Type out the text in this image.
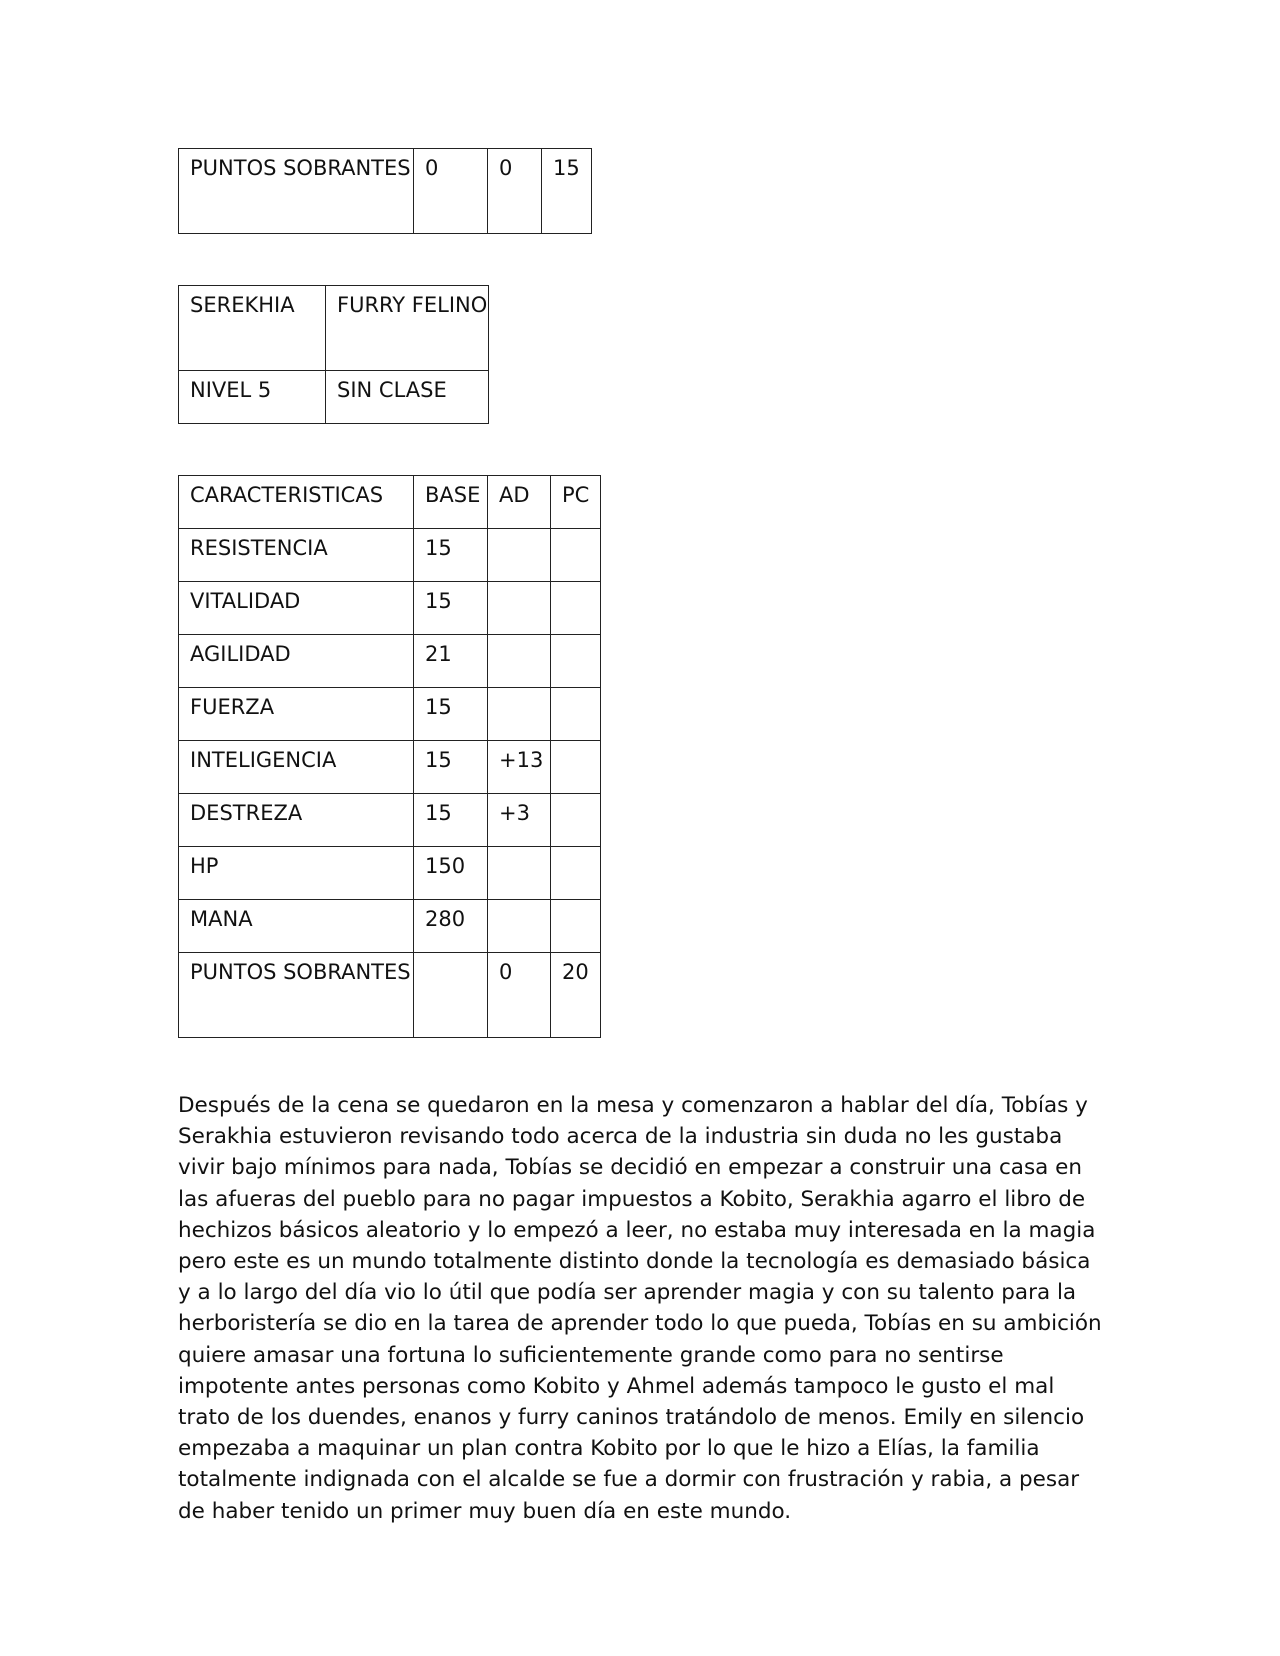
PUNTOS SOBRANTES	0	0	15
SEREKHIA	FURRY FELINO
NIVEL 5	SIN CLASE
CARACTERISTICAS	BASE	AD	PC
RESISTENCIA	15		
VITALIDAD	15		
AGILIDAD	21		
FUERZA	15		
INTELIGENCIA	15	+13	
DESTREZA	15	+3	
HP	150		
MANA	280		
PUNTOS SOBRANTES		0	20

Después de la cena se quedaron en la mesa y comenzaron a hablar del día, Tobías y Serakhia estuvieron revisando todo acerca de la industria sin duda no les gustaba vivir bajo mínimos para nada, Tobías se decidió en empezar a construir una casa en las afueras del pueblo para no pagar impuestos a Kobito, Serakhia agarro el libro de hechizos básicos aleatorio y lo empezó a leer, no estaba muy interesada en la magia pero este es un mundo totalmente distinto donde la tecnología es demasiado básica y a lo largo del día vio lo útil que podía ser aprender magia y con su talento para la herboristería se dio en la tarea de aprender todo lo que pueda, Tobías en su ambición quiere amasar una fortuna lo suficientemente grande como para no sentirse impotente antes personas como Kobito y Ahmel además tampoco le gusto el mal trato de los duendes, enanos y furry caninos tratándolo de menos. Emily en silencio empezaba a maquinar un plan contra Kobito por lo que le hizo a Elías, la familia totalmente indignada con el alcalde se fue a dormir con frustración y rabia, a pesar de haber tenido un primer muy buen día en este mundo.
